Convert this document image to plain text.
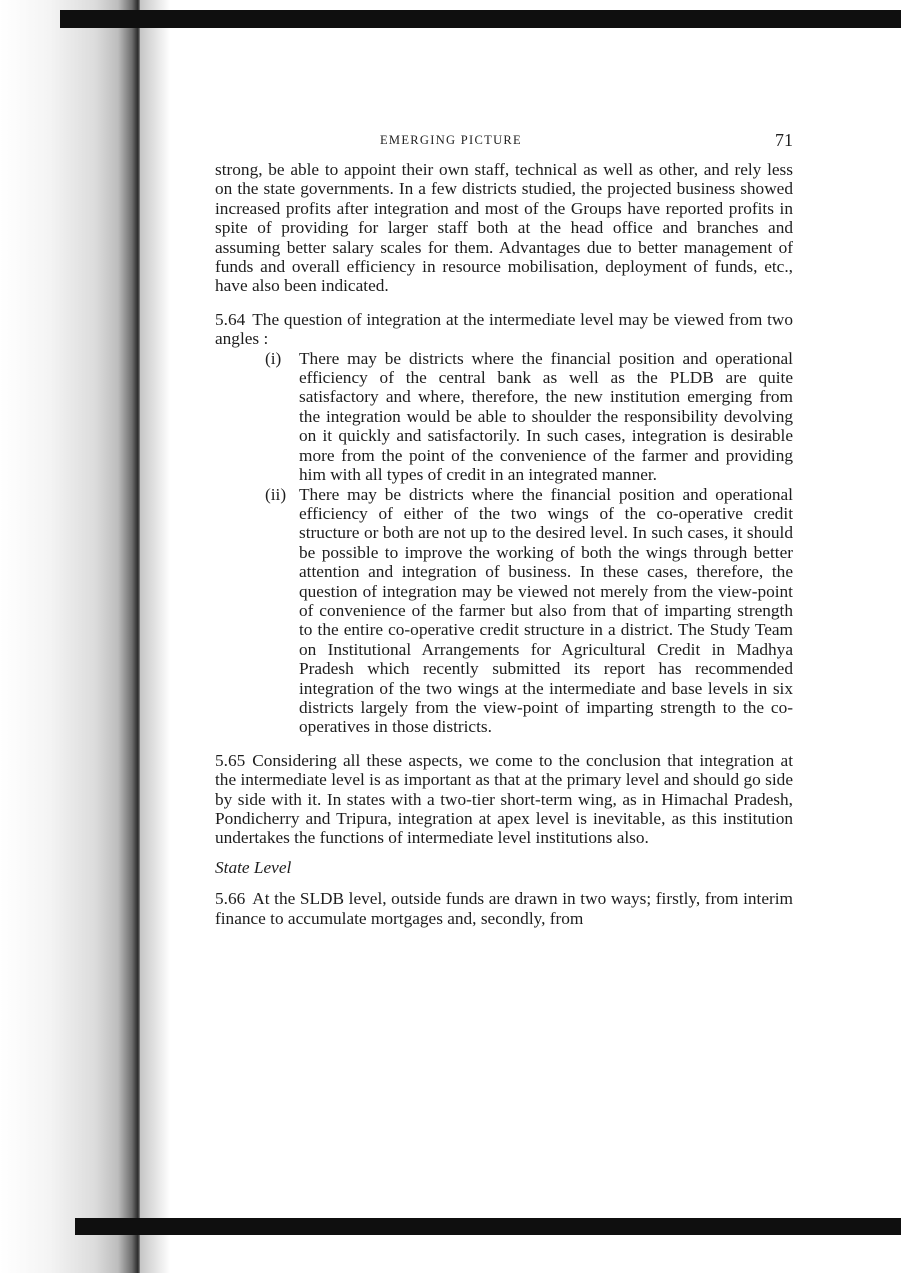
EMERGING PICTURE	71

strong, be able to appoint their own staff, technical as well as other, and rely less on the state governments. In a few districts studied, the projected business showed increased profits after integration and most of the Groups have reported profits in spite of providing for larger staff both at the head office and branches and assuming better salary scales for them. Advantages due to better management of funds and overall efficiency in resource mobilisation, deployment of funds, etc., have also been indicated.

5.64 The question of integration at the intermediate level may be viewed from two angles :

(i) There may be districts where the financial position and operational efficiency of the central bank as well as the PLDB are quite satisfactory and where, therefore, the new institution emerging from the integration would be able to shoulder the responsibility devolving on it quickly and satisfactorily. In such cases, integration is desirable more from the point of the convenience of the farmer and providing him with all types of credit in an integrated manner.
(ii) There may be districts where the financial position and operational efficiency of either of the two wings of the co-operative credit structure or both are not up to the desired level. In such cases, it should be possible to improve the working of both the wings through better attention and integration of business. In these cases, therefore, the question of integration may be viewed not merely from the view-point of convenience of the farmer but also from that of imparting strength to the entire co-operative credit structure in a district. The Study Team on Institutional Arrangements for Agricultural Credit in Madhya Pradesh which recently submitted its report has recommended integration of the two wings at the intermediate and base levels in six districts largely from the view-point of imparting strength to the co-operatives in those districts.

5.65 Considering all these aspects, we come to the conclusion that integration at the intermediate level is as important as that at the primary level and should go side by side with it. In states with a two-tier short-term wing, as in Himachal Pradesh, Pondicherry and Tripura, integration at apex level is inevitable, as this institution undertakes the functions of intermediate level institutions also.

State Level

5.66 At the SLDB level, outside funds are drawn in two ways; firstly, from interim finance to accumulate mortgages and, secondly, from
